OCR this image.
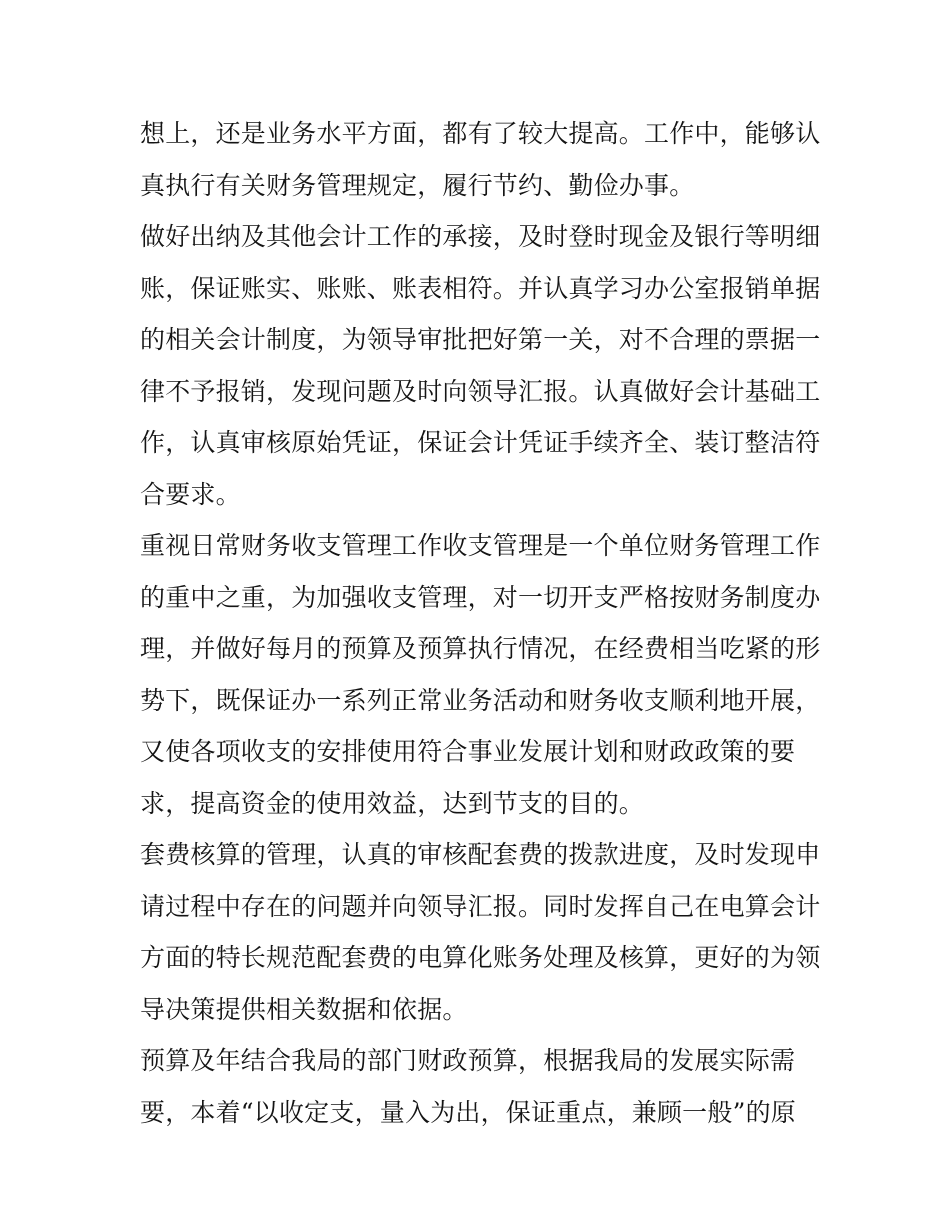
想上，还是业务水平方面，都有了较大提高。工作中，能够认
真执行有关财务管理规定，履行节约、勤俭办事。
做好出纳及其他会计工作的承接，及时登时现金及银行等明细
账，保证账实、账账、账表相符。并认真学习办公室报销单据
的相关会计制度，为领导审批把好第一关，对不合理的票据一
律不予报销，发现问题及时向领导汇报。认真做好会计基础工
作，认真审核原始凭证，保证会计凭证手续齐全、装订整洁符
合要求。
重视日常财务收支管理工作收支管理是一个单位财务管理工作
的重中之重，为加强收支管理，对一切开支严格按财务制度办
理，并做好每月的预算及预算执行情况，在经费相当吃紧的形
势下，既保证办一系列正常业务活动和财务收支顺利地开展，
又使各项收支的安排使用符合事业发展计划和财政政策的要
求，提高资金的使用效益，达到节支的目的。
套费核算的管理，认真的审核配套费的拨款进度，及时发现申
请过程中存在的问题并向领导汇报。同时发挥自己在电算会计
方面的特长规范配套费的电算化账务处理及核算，更好的为领
导决策提供相关数据和依据。
预算及年结合我局的部门财政预算，根据我局的发展实际需
要，本着“以收定支，量入为出，保证重点，兼顾一般”的原
